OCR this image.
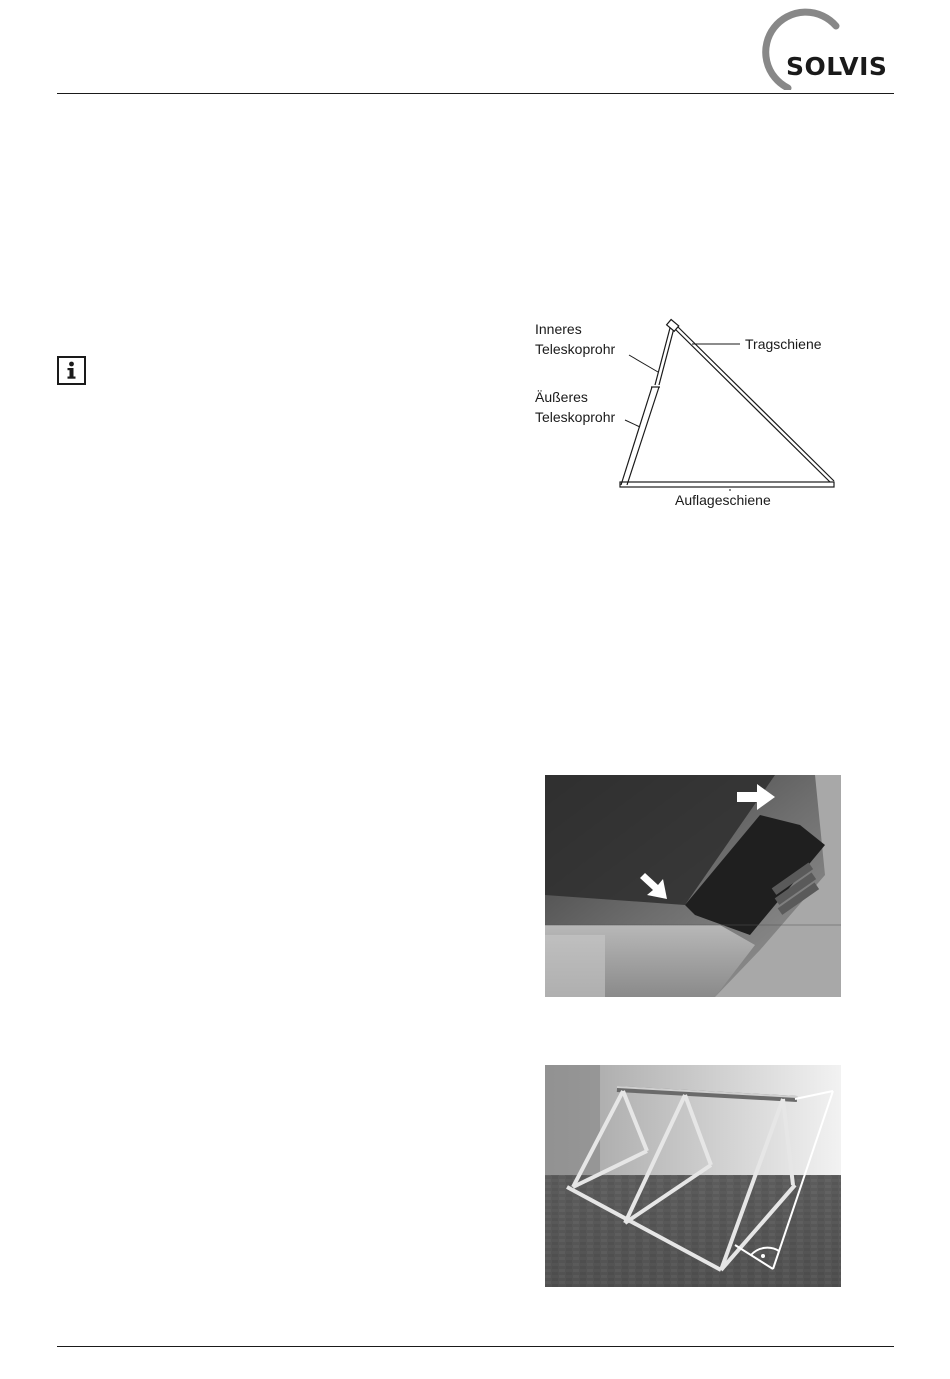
SOLVIS
Inneres
Teleskoprohr	Tragschiene
Äußeres
Teleskoprohr
Auflageschiene
